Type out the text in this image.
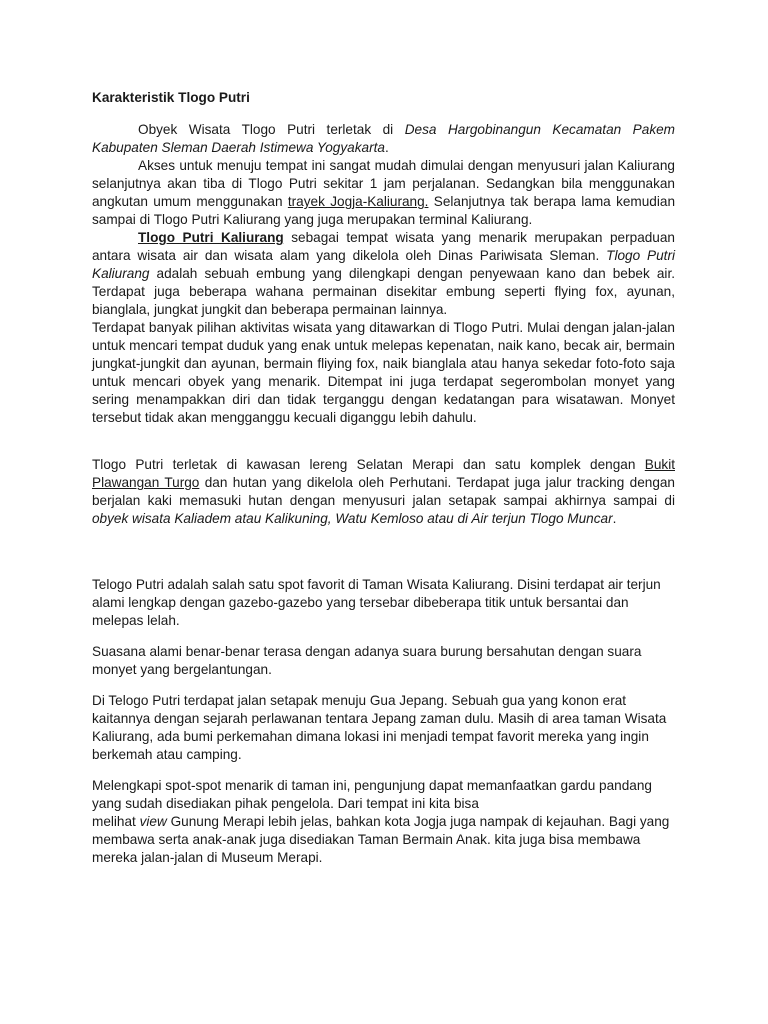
Karakteristik Tlogo Putri

Obyek Wisata Tlogo Putri terletak di Desa Hargobinangun Kecamatan Pakem Kabupaten Sleman Daerah Istimewa Yogyakarta.

Akses untuk menuju tempat ini sangat mudah dimulai dengan menyusuri jalan Kaliurang selanjutnya akan tiba di Tlogo Putri sekitar 1 jam perjalanan. Sedangkan bila menggunakan angkutan umum menggunakan trayek Jogja-Kaliurang. Selanjutnya tak berapa lama kemudian sampai di Tlogo Putri Kaliurang yang juga merupakan terminal Kaliurang.

Tlogo Putri Kaliurang sebagai tempat wisata yang menarik merupakan perpaduan antara wisata air dan wisata alam yang dikelola oleh Dinas Pariwisata Sleman. Tlogo Putri Kaliurang adalah sebuah embung yang dilengkapi dengan penyewaan kano dan bebek air. Terdapat juga beberapa wahana permainan disekitar embung seperti flying fox, ayunan, bianglala, jungkat jungkit dan beberapa permainan lainnya.

Terdapat banyak pilihan aktivitas wisata yang ditawarkan di Tlogo Putri. Mulai dengan jalan-jalan untuk mencari tempat duduk yang enak untuk melepas kepenatan, naik kano, becak air, bermain jungkat-jungkit dan ayunan, bermain fliying fox, naik bianglala atau hanya sekedar foto-foto saja untuk mencari obyek yang menarik. Ditempat ini juga terdapat segerombolan monyet yang sering menampakkan diri dan tidak terganggu dengan kedatangan para wisatawan. Monyet tersebut tidak akan mengganggu kecuali diganggu lebih dahulu.

Tlogo Putri terletak di kawasan lereng Selatan Merapi dan satu komplek dengan Bukit Plawangan Turgo dan hutan yang dikelola oleh Perhutani. Terdapat juga jalur tracking dengan berjalan kaki memasuki hutan dengan menyusuri jalan setapak sampai akhirnya sampai di obyek wisata Kaliadem atau Kalikuning, Watu Kemloso atau di Air terjun Tlogo Muncar.

Telogo Putri adalah salah satu spot favorit di Taman Wisata Kaliurang. Disini terdapat air terjun alami lengkap dengan gazebo-gazebo yang tersebar dibeberapa titik untuk bersantai dan melepas lelah.

Suasana alami benar-benar terasa dengan adanya suara burung bersahutan dengan suara monyet yang bergelantungan.

Di Telogo Putri terdapat jalan setapak menuju Gua Jepang. Sebuah gua yang konon erat kaitannya dengan sejarah perlawanan tentara Jepang zaman dulu. Masih di area taman Wisata Kaliurang, ada bumi perkemahan dimana lokasi ini menjadi tempat favorit mereka yang ingin berkemah atau camping.

Melengkapi spot-spot menarik di taman ini, pengunjung dapat memanfaatkan gardu pandang yang sudah disediakan pihak pengelola. Dari tempat ini kita bisa
melihat view Gunung Merapi lebih jelas, bahkan kota Jogja juga nampak di kejauhan. Bagi yang membawa serta anak-anak juga disediakan Taman Bermain Anak. kita juga bisa membawa mereka jalan-jalan di Museum Merapi.
